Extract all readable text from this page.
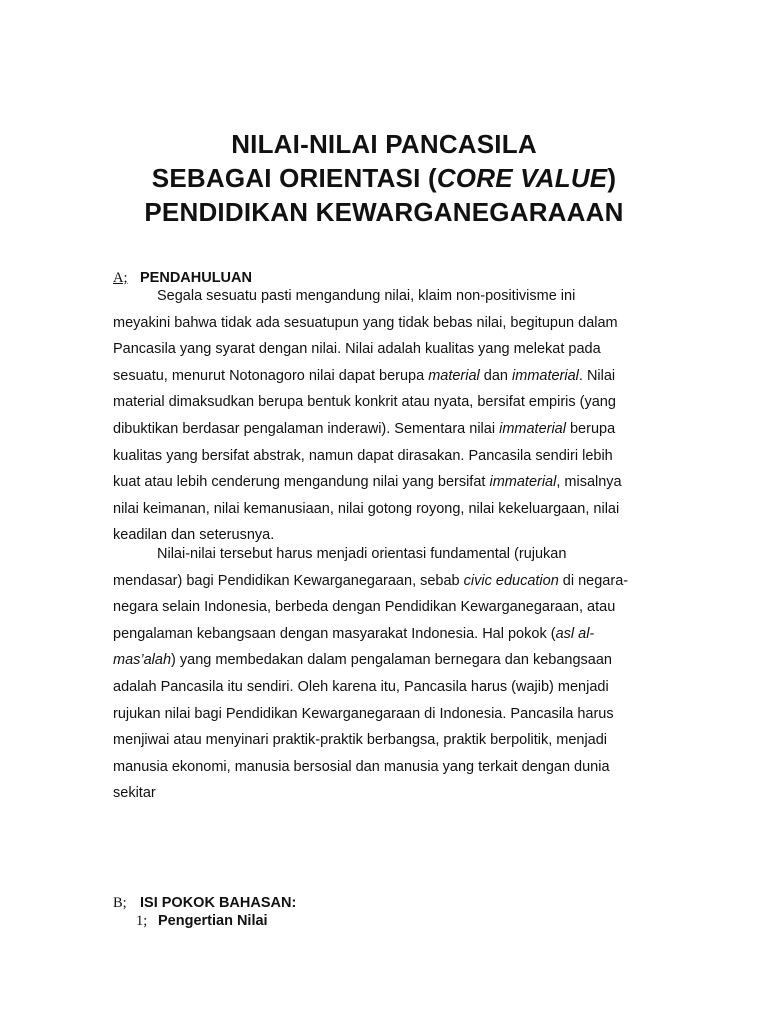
NILAI-NILAI PANCASILA
SEBAGAI ORIENTASI (CORE VALUE)
PENDIDIKAN KEWARGANEGARAAAN
A; PENDAHULUAN

Segala sesuatu pasti mengandung nilai, klaim non-positivisme ini
meyakini bahwa tidak ada sesuatupun yang tidak bebas nilai, begitupun dalam
Pancasila yang syarat dengan nilai. Nilai adalah kualitas yang melekat pada
sesuatu, menurut Notonagoro nilai dapat berupa material dan immaterial. Nilai
material dimaksudkan berupa bentuk konkrit atau nyata, bersifat empiris (yang
dibuktikan berdasar pengalaman inderawi). Sementara nilai immaterial berupa
kualitas yang bersifat abstrak, namun dapat dirasakan. Pancasila sendiri lebih
kuat atau lebih cenderung mengandung nilai yang bersifat immaterial, misalnya
nilai keimanan, nilai kemanusiaan, nilai gotong royong, nilai kekeluargaan, nilai
keadilan dan seterusnya.

Nilai-nilai tersebut harus menjadi orientasi fundamental (rujukan
mendasar) bagi Pendidikan Kewarganegaraan, sebab civic education di negara-
negara selain Indonesia, berbeda dengan Pendidikan Kewarganegaraan, atau
pengalaman kebangsaan dengan masyarakat Indonesia. Hal pokok (asl al-
mas’alah) yang membedakan dalam pengalaman bernegara dan kebangsaan
adalah Pancasila itu sendiri. Oleh karena itu, Pancasila harus (wajib) menjadi
rujukan nilai bagi Pendidikan Kewarganegaraan di Indonesia. Pancasila harus
menjiwai atau menyinari praktik-praktik berbangsa, praktik berpolitik, menjadi
manusia ekonomi, manusia bersosial dan manusia yang terkait dengan dunia
sekitar

B; ISI POKOK BAHASAN:
1; Pengertian Nilai
